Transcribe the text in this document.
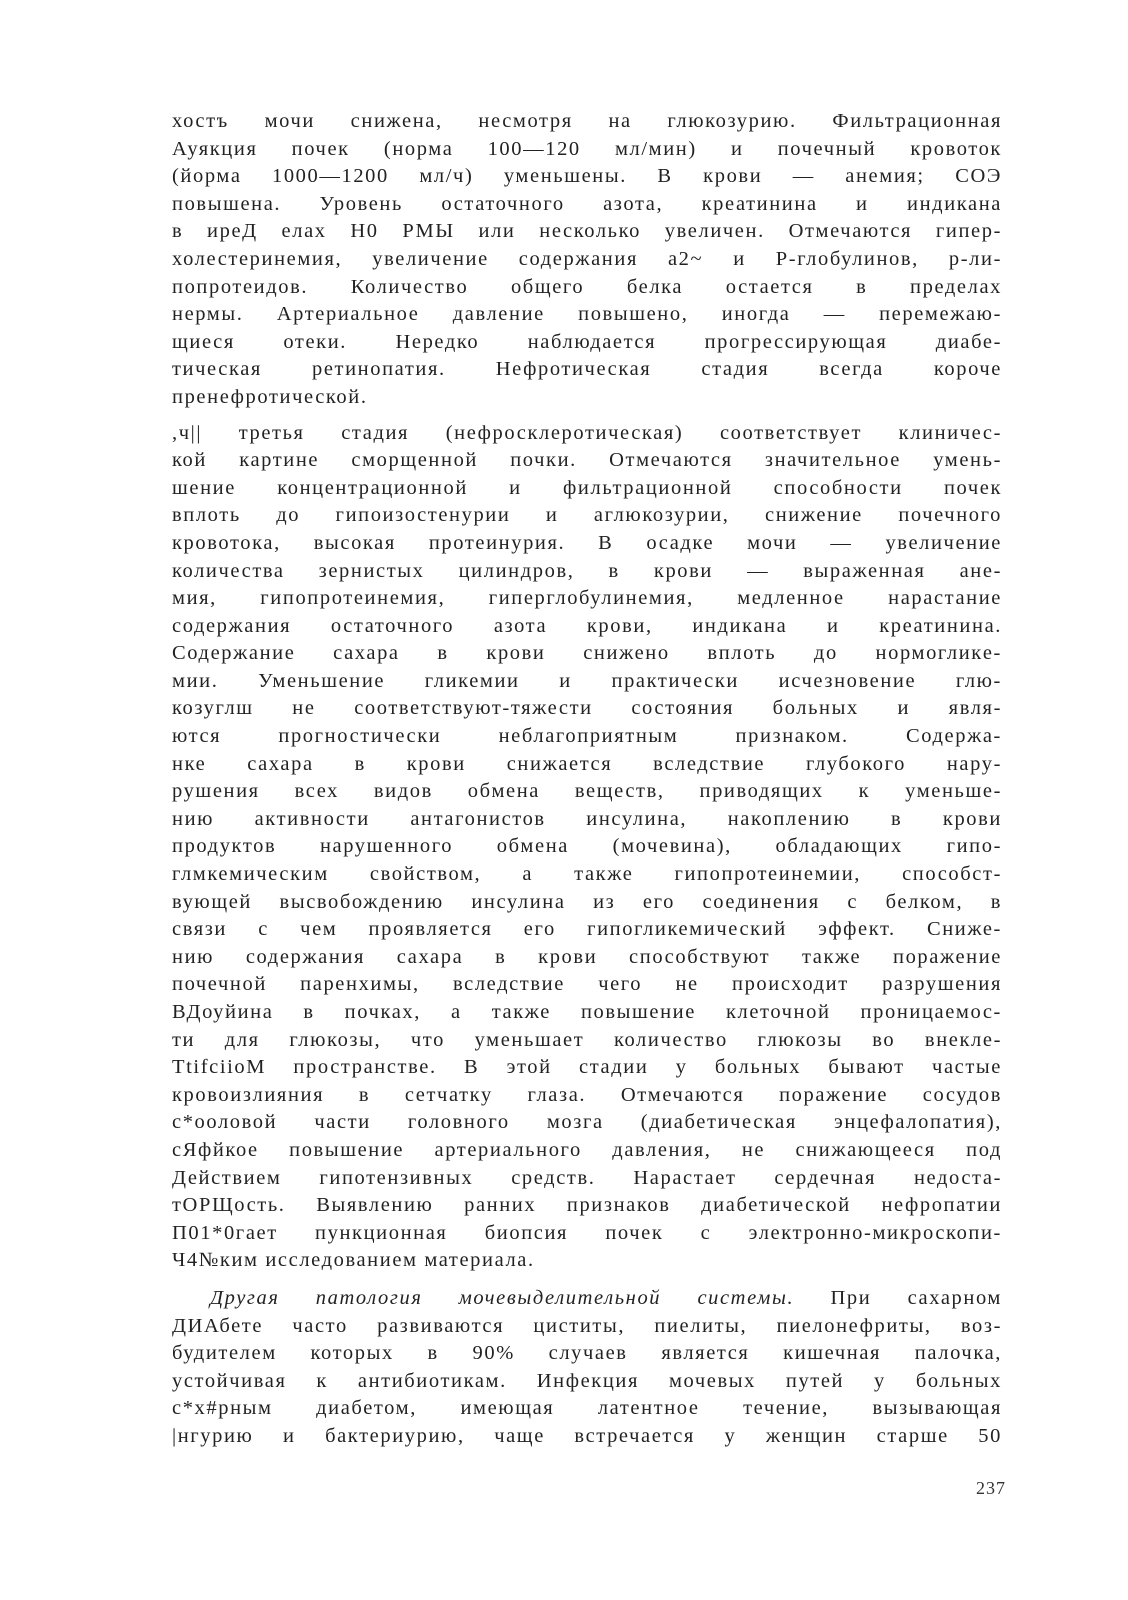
хостъ мочи снижена, несмотря на глюкозурию. Фильтрационная
Ауякция почек (норма 100—120 мл/мин) и почечный кровоток
(йорма 1000—1200 мл/ч) уменьшены. В крови — анемия; СОЭ
повышена. Уровень остаточного азота, креатинина и индикана
в иреД елах Н0 РМЫ или несколько увеличен. Отмечаются гипер-
холестеринемия, увеличение содержания а2~ и Р-глобулинов, р-ли-
попротеидов. Количество общего белка остается в пределах
нермы. Артериальное давление повышено, иногда — перемежаю-
щиеся отеки. Нередко наблюдается прогрессирующая диабе-
тическая ретинопатия. Нефротическая стадия всегда короче
пренефротической.
,ч|| третья стадия (нефросклеротическая) соответствует клиничес-
кой картине сморщенной почки. Отмечаются значительное умень-
шение концентрационной и фильтрационной способности почек
вплоть до гипоизостенурии и аглюкозурии, снижение почечного
кровотока, высокая протеинурия. В осадке мочи — увеличение
количества зернистых цилиндров, в крови — выраженная ане-
мия, гипопротеинемия, гиперглобулинемия, медленное нарастание
содержания остаточного азота крови, индикана и креатинина.
Содержание сахара в крови снижено вплоть до нормогликe-
мии. Уменьшение гликемии и практически исчезновение глю-
козуглш не соответствуют-тяжести состояния больных и явля-
ются прогностически неблагоприятным признаком. Содержа-
нке сахара в крови снижается вследствие глубокого нару-
рушения всех видов обмена веществ, приводящих к уменьше-
нию активности антагонистов инсулина, накоплению в крови
продуктов нарушенного обмена (мочевина), обладающих гипо-
глмкемическим свойством, а также гипопротеинемии, способст-
вующей высвобождению инсулина из его соединения с белком, в
связи с чем проявляется его гипогликемический эффект. Сниже-
нию содержания сахара в крови способствуют также поражение
почечной паренхимы, вследствие чего не происходит разрушения
ВДоуйина в почках, а также повышение клеточной проницаемос-
ти для глюкозы, что уменьшает количество глюкозы во внекле-
TtifciioM пространстве. В этой стадии у больных бывают частые
кровоизлияния в сетчатку глаза. Отмечаются поражение сосудов
с*ооловой части головного мозга (диабетическая энцефалопатия),
сЯфйкое повышение артериального давления, не снижающееся под
Действием гипотензивных средств. Нарастает сердечная недоста-
тОРЩость. Выявлению ранних признаков диабетической нефропатии
П01*0гает пункционная биопсия почек с электронно-микроскопи-
Ч4№ким исследованием материала.
Другая патология мочевыделительной системы. При сахарном
ДИАбете часто развиваются циститы, пиелиты, пиелонефриты, воз-
будителем которых в 90% случаев является кишечная палочка,
устойчивая к антибиотикам. Инфекция мочевых путей у больных
с*х#рным диабетом, имеющая латентное течение, вызывающая
|нгурию и бактериурию, чаще встречается у женщин старше 50
237
